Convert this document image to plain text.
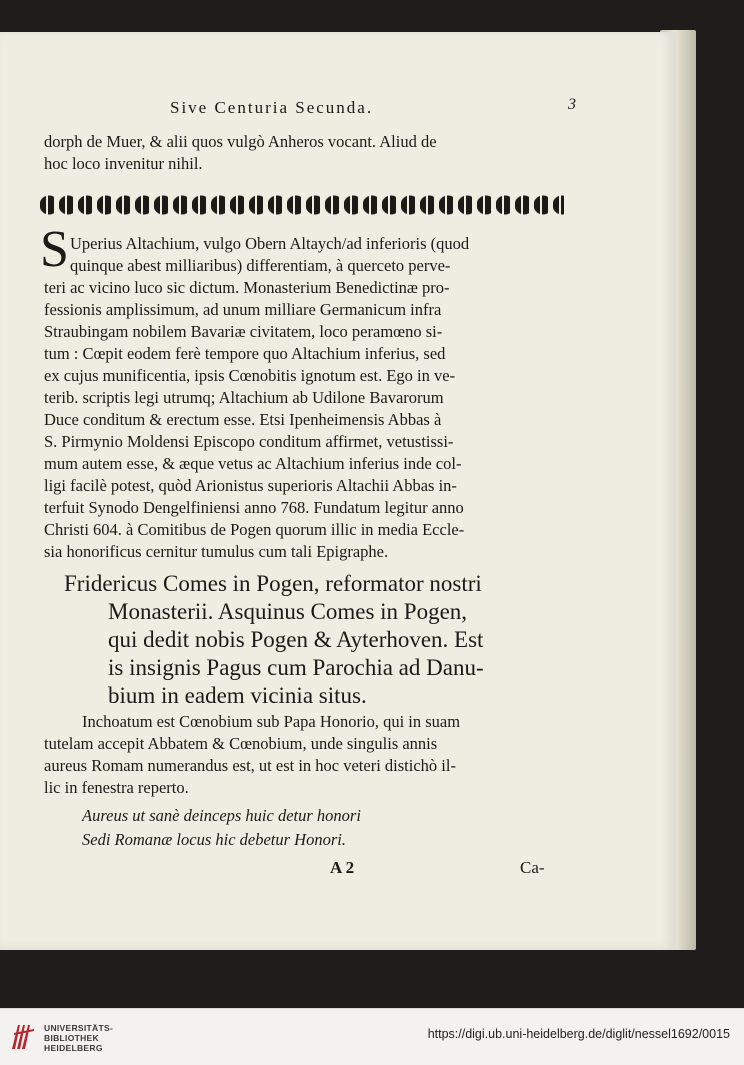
Sive Centuria Secunda.	3
dorph de Muer, & alii quos vulgò Anheros vocant. Aliud de
hoc loco invenitur nihil.
S Uperius Altachium, vulgo Obern Altaych/ad inferioris (quod
quinque abest milliaribus) differentiam, à querceto perve-
teri ac vicino luco sic dictum. Monasterium Benedictinæ pro-
fessionis amplissimum, ad unum milliare Germanicum infra
Straubingam nobilem Bavariæ civitatem, loco peramœno si-
tum : Cœpit eodem ferè tempore quo Altachium inferius, sed
ex cujus munificentia, ipsis Cœnobitis ignotum est. Ego in ve-
terib. scriptis legi utrumq; Altachium ab Udilone Bavarorum
Duce conditum & erectum esse. Etsi Ipenheimensis Abbas à
S. Pirmynio Moldensi Episcopo conditum affirmet, vetustissi-
mum autem esse, & æque vetus ac Altachium inferius inde col-
ligi facilè potest, quòd Arionistus superioris Altachii Abbas in-
terfuit Synodo Dengelfiniensi anno 768. Fundatum legitur anno
Christi 604. à Comitibus de Pogen quorum illic in media Eccle-
sia honorificus cernitur tumulus cum tali Epigraphe.
Fridericus Comes in Pogen, reformator nostri
Monasterii. Asquinus Comes in Pogen,
qui dedit nobis Pogen & Ayterhoven. Est
is insignis Pagus cum Parochia ad Danu-
bium in eadem vicinia situs.
Inchoatum est Cœnobium sub Papa Honorio, qui in suam
tutelam accepit Abbatem & Cœnobium, unde singulis annis
aureus Romam numerandus est, ut est in hoc veteri distichò il-
lic in fenestra reperto.
Aureus ut sanè deinceps huic detur honori
Sedi Romanæ locus hic debetur Honori.
A 2	Ca-
UNIVERSITÄTS-
BIBLIOTHEK
HEIDELBERG
https://digi.ub.uni-heidelberg.de/diglit/nessel1692/0015
